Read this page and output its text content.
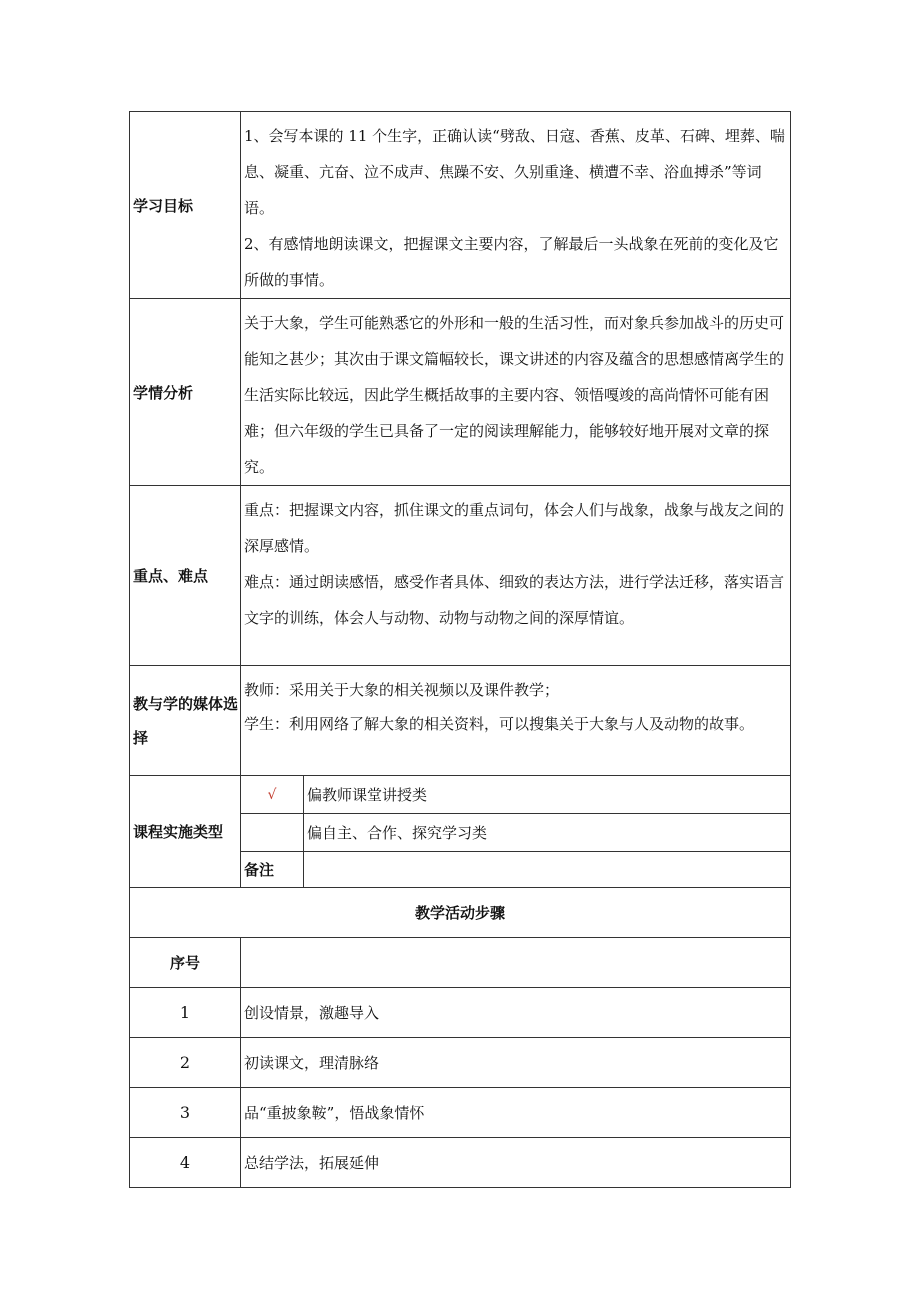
学习目标	1、会写本课的 11 个生字，正确认读“劈敌、日寇、香蕉、皮革、石碑、埋葬、喘息、凝重、亢奋、泣不成声、焦躁不安、久别重逢、横遭不幸、浴血搏杀”等词语。

2、有感情地朗读课文，把握课文主要内容，了解最后一头战象在死前的变化及它所做的事情。	

学情分析	关于大象，学生可能熟悉它的外形和一般的生活习性，而对象兵参加战斗的历史可能知之甚少；其次由于课文篇幅较长，课文讲述的内容及蕴含的思想感情离学生的生活实际比较远，因此学生概括故事的主要内容、领悟嘎竣的高尚情怀可能有困难；但六年级的学生已具备了一定的阅读理解能力，能够较好地开展对文章的探究。	

重点、难点	重点：把握课文内容，抓住课文的重点词句，体会人们与战象，战象与战友之间的深厚感情。

难点：通过朗读感悟，感受作者具体、细致的表达方法，进行学法迁移，落实语言文字的训练，体会人与动物、动物与动物之间的深厚情谊。	

教与学的媒体选择	教师：采用关于大象的相关视频以及课件教学；

学生：利用网络了解大象的相关资料，可以搜集关于大象与人及动物的故事。	

课程实施类型	√	偏教师课堂讲授类
		偏自主、合作、探究学习类
	备注	
教学活动步骤		
序号		
1	创设情景，激趣导入	
2	初读课文，理清脉络	
3	品“重披象鞍”，悟战象情怀	
4	总结学法，拓展延伸	
